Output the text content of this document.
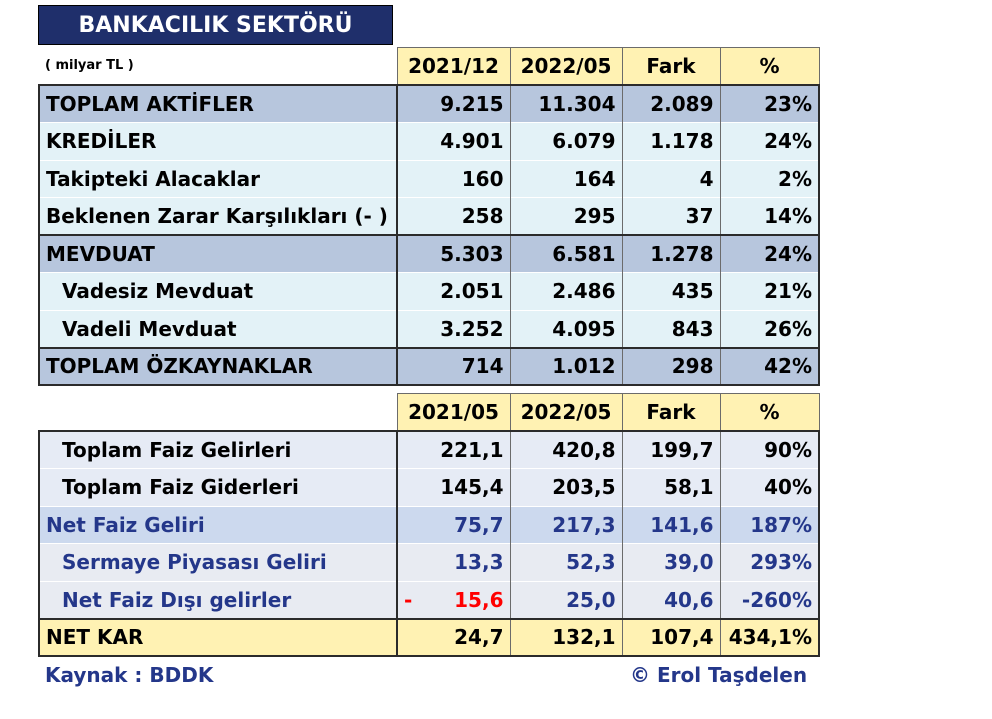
BANKACILIK SEKTÖRÜ
( milyar TL )	2021/12	2022/05	Fark	%
TOPLAM AKTİFLER	9.215	11.304	2.089	23%
KREDİLER	4.901	6.079	1.178	24%
Takipteki Alacaklar	160	164	4	2%
Beklenen Zarar Karşılıkları (- )	258	295	37	14%
MEVDUAT	5.303	6.581	1.278	24%
Vadesiz Mevduat	2.051	2.486	435	21%
Vadeli Mevduat	3.252	4.095	843	26%
TOPLAM ÖZKAYNAKLAR	714	1.012	298	42%
	2021/05	2022/05	Fark	%
Toplam Faiz Gelirleri	221,1	420,8	199,7	90%
Toplam Faiz Giderleri	145,4	203,5	58,1	40%
Net Faiz Geliri	75,7	217,3	141,6	187%
Sermaye Piyasası Geliri	13,3	52,3	39,0	293%
Net Faiz Dışı gelirler	- 15,6	25,0	40,6	-260%
NET KAR	24,7	132,1	107,4	434,1%
Kaynak : BDDK	© Erol Taşdelen
